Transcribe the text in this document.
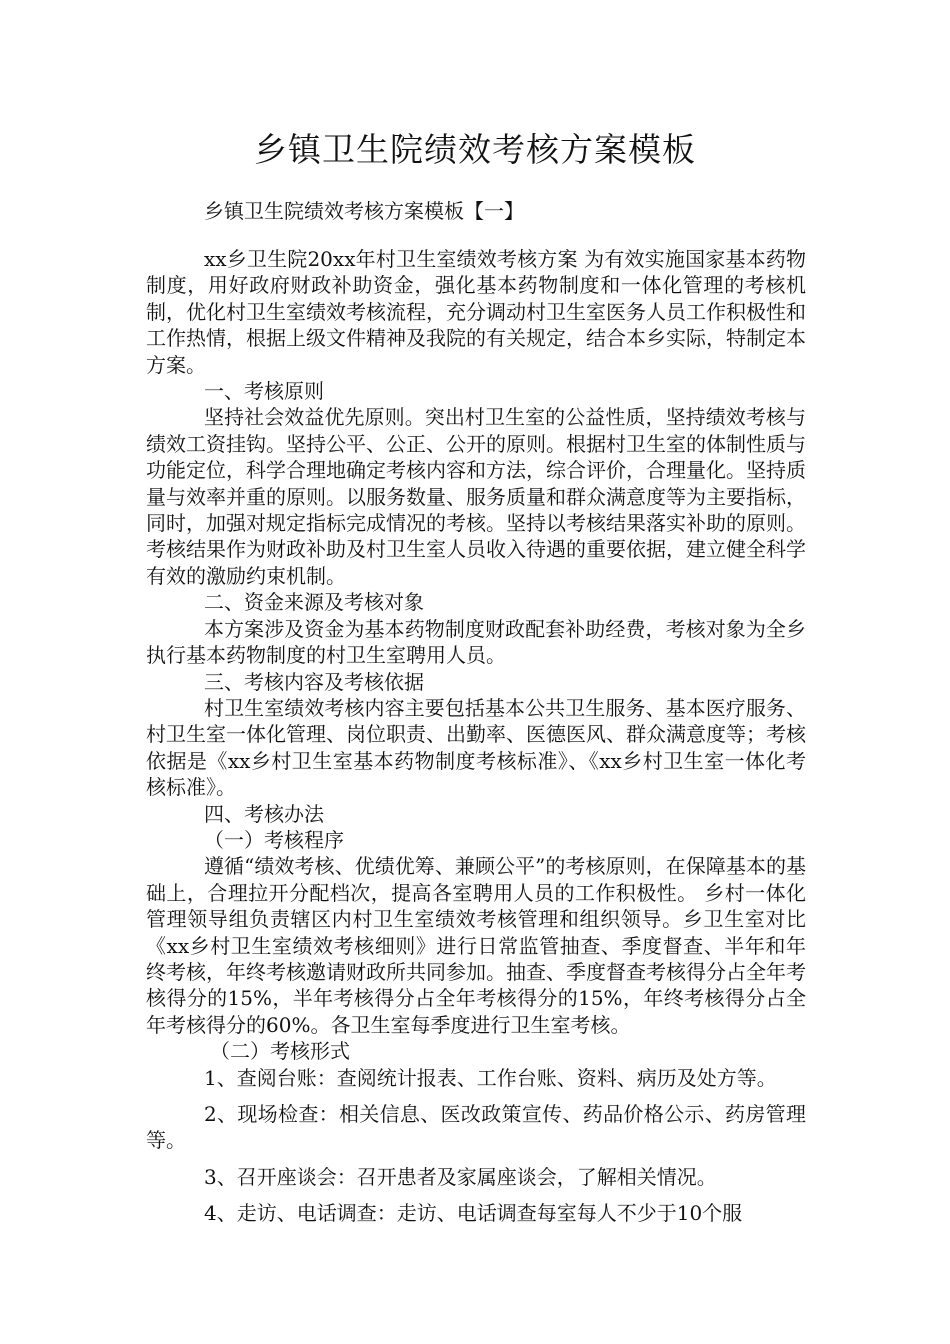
乡镇卫生院绩效考核方案模板

乡镇卫生院绩效考核方案模板【一】

xx乡卫生院20xx年村卫生室绩效考核方案 为有效实施国家基本药物制度，用好政府财政补助资金，强化基本药物制度和一体化管理的考核机制，优化村卫生室绩效考核流程，充分调动村卫生室医务人员工作积极性和工作热情，根据上级文件精神及我院的有关规定，结合本乡实际，特制定本方案。

一、考核原则

坚持社会效益优先原则。突出村卫生室的公益性质，坚持绩效考核与绩效工资挂钩。坚持公平、公正、公开的原则。根据村卫生室的体制性质与功能定位，科学合理地确定考核内容和方法，综合评价，合理量化。坚持质量与效率并重的原则。以服务数量、服务质量和群众满意度等为主要指标，同时，加强对规定指标完成情况的考核。坚持以考核结果落实补助的原则。考核结果作为财政补助及村卫生室人员收入待遇的重要依据，建立健全科学有效的激励约束机制。

二、资金来源及考核对象

本方案涉及资金为基本药物制度财政配套补助经费，考核对象为全乡执行基本药物制度的村卫生室聘用人员。

三、考核内容及考核依据

村卫生室绩效考核内容主要包括基本公共卫生服务、基本医疗服务、村卫生室一体化管理、岗位职责、出勤率、医德医风、群众满意度等；考核依据是《xx乡村卫生室基本药物制度考核标准》、《xx乡村卫生室一体化考核标准》。

四、考核办法

（一）考核程序

遵循“绩效考核、优绩优筹、兼顾公平”的考核原则，在保障基本的基础上，合理拉开分配档次，提高各室聘用人员的工作积极性。 乡村一体化管理领导组负责辖区内村卫生室绩效考核管理和组织领导。乡卫生室对比《xx乡村卫生室绩效考核细则》进行日常监管抽查、季度督查、半年和年终考核，年终考核邀请财政所共同参加。抽查、季度督查考核得分占全年考核得分的15%，半年考核得分占全年考核得分的15%，年终考核得分占全年考核得分的60%。各卫生室每季度进行卫生室考核。

（二）考核形式

1、查阅台账：查阅统计报表、工作台账、资料、病历及处方等。

2、现场检查：相关信息、医改政策宣传、药品价格公示、药房管理等。

3、召开座谈会：召开患者及家属座谈会，了解相关情况。

4、走访、电话调查：走访、电话调查每室每人不少于10个服
